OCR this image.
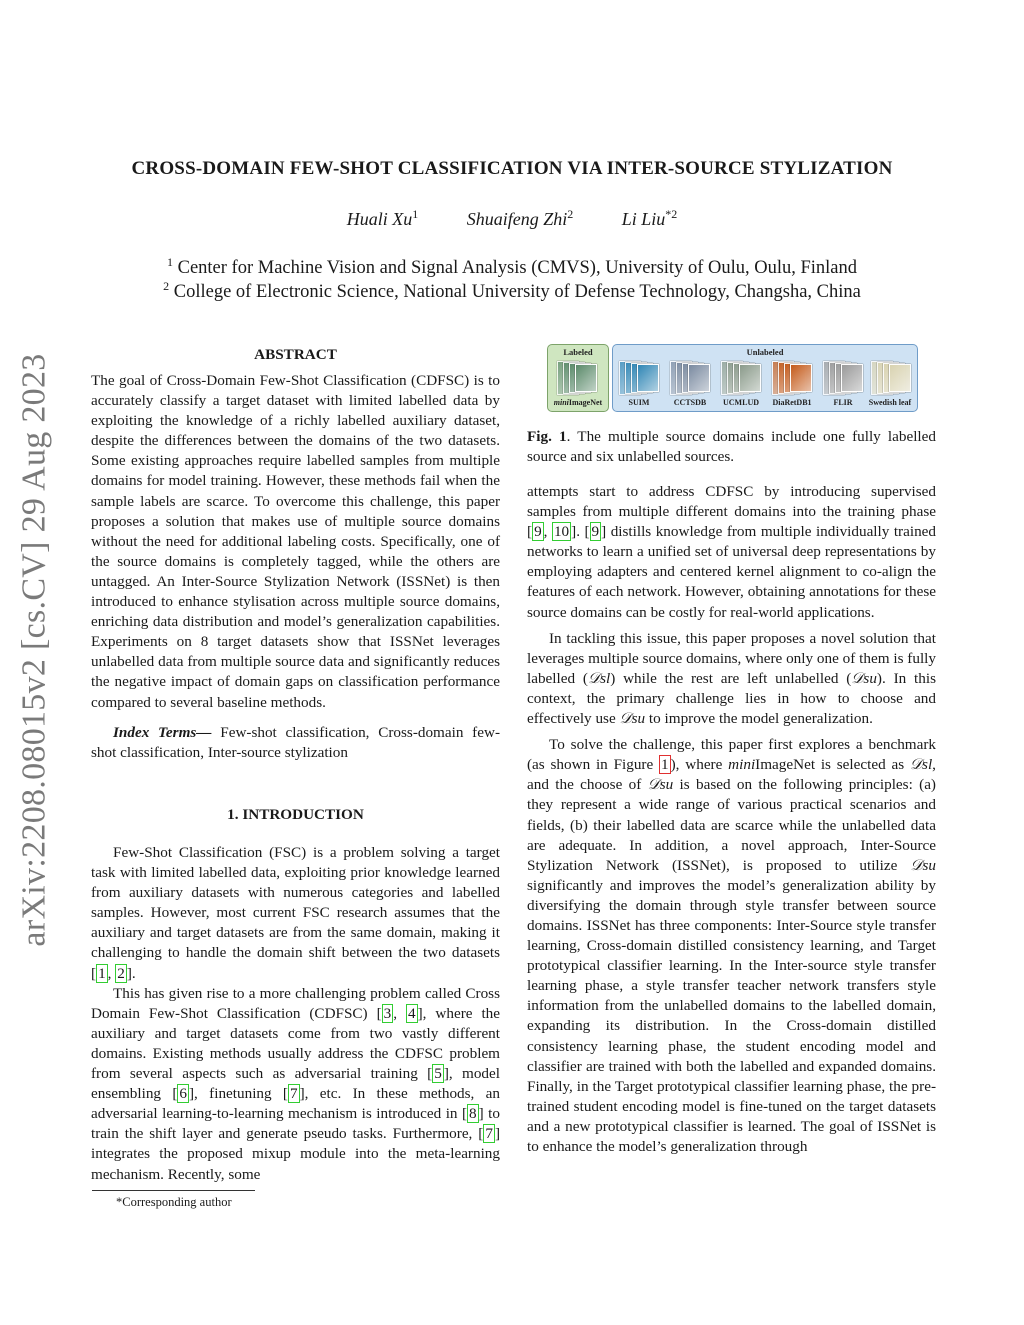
arXiv:2208.08015v2 [cs.CV] 29 Aug 2023
CROSS-DOMAIN FEW-SHOT CLASSIFICATION VIA INTER-SOURCE STYLIZATION
Huali Xu$^1$	Shuaifeng Zhi$^2$	Li Liu$^{*2}$
$^1$ Center for Machine Vision and Signal Analysis (CMVS), University of Oulu, Oulu, Finland
$^2$ College of Electronic Science, National University of Defense Technology, Changsha, China
ABSTRACT

The goal of Cross-Domain Few-Shot Classification (CDFSC) is to accurately classify a target dataset with limited labelled data by exploiting the knowledge of a richly labelled auxiliary dataset, despite the differences between the domains of the two datasets. Some existing approaches require labelled samples from multiple domains for model training. However, these methods fail when the sample labels are scarce. To overcome this challenge, this paper proposes a solution that makes use of multiple source domains without the need for additional labeling costs. Specifically, one of the source domains is completely tagged, while the others are untagged. An Inter-Source Stylization Network (ISSNet) is then introduced to enhance stylisation across multiple source domains, enriching data distribution and model’s generalization capabilities. Experiments on 8 target datasets show that ISSNet leverages unlabelled data from multiple source data and significantly reduces the negative impact of domain gaps on classification performance compared to several baseline methods.

Index Terms— Few-shot classification, Cross-domain few-shot classification, Inter-source stylization

1. INTRODUCTION

Few-Shot Classification (FSC) is a problem solving a target task with limited labelled data, exploiting prior knowledge learned from auxiliary datasets with numerous categories and labelled samples. However, most current FSC research assumes that the auxiliary and target datasets are from the same domain, making it challenging to handle the domain shift between the two datasets [ 1 , 2 ].

This has given rise to a more challenging problem called Cross Domain Few-Shot Classification (CDFSC) [ 3 , 4 ], where the auxiliary and target datasets come from two vastly different domains. Existing methods usually address the CDFSC problem from several aspects such as adversarial training [ 5 ], model ensembling [ 6 ], finetuning [ 7 ], etc. In these methods, an adversarial learning-to-learning mechanism is introduced in [ 8 ] to train the shift layer and generate pseudo tasks. Furthermore, [ 7 ] integrates the proposed mixup module into the meta-learning mechanism. Recently, some

*Corresponding author
Labeled
miniImageNet
Unlabeled
SUIM	CCTSDB	UCMLUD	DiaRetDB1	FLIR	Swedish leaf
Fig. 1. The multiple source domains include one fully labelled source and six unlabelled sources.

attempts start to address CDFSC by introducing supervised samples from multiple different domains into the training phase [ 9 , 10 ]. [ 9 ] distills knowledge from multiple individually trained networks to learn a unified set of universal deep representations by employing adapters and centered kernel alignment to co-align the features of each network. However, obtaining annotations for these source domains can be costly for real-world applications.

In tackling this issue, this paper proposes a novel solution that leverages multiple source domains, where only one of them is fully labelled (𝒟sl) while the rest are left unlabelled (𝒟su). In this context, the primary challenge lies in how to choose and effectively use 𝒟su to improve the model generalization.

To solve the challenge, this paper first explores a benchmark (as shown in Figure 1 ), where miniImageNet is selected as 𝒟sl, and the choose of 𝒟su is based on the following principles: (a) they represent a wide range of various practical scenarios and fields, (b) their labelled data are scarce while the unlabelled data are adequate. In addition, a novel approach, Inter-Source Stylization Network (ISSNet), is proposed to utilize 𝒟su significantly and improves the model’s generalization ability by diversifying the domain through style transfer between source domains. ISSNet has three components: Inter-Source style transfer learning, Cross-domain distilled consistency learning, and Target prototypical classifier learning. In the Inter-source style transfer learning phase, a style transfer teacher network transfers style information from the unlabelled domains to the labelled domain, expanding its distribution. In the Cross-domain distilled consistency learning phase, the student encoding model and classifier are trained with both the labelled and expanded domains. Finally, in the Target prototypical classifier learning phase, the pre-trained student encoding model is fine-tuned on the target datasets and a new prototypical classifier is learned. The goal of ISSNet is to enhance the model’s generalization through
